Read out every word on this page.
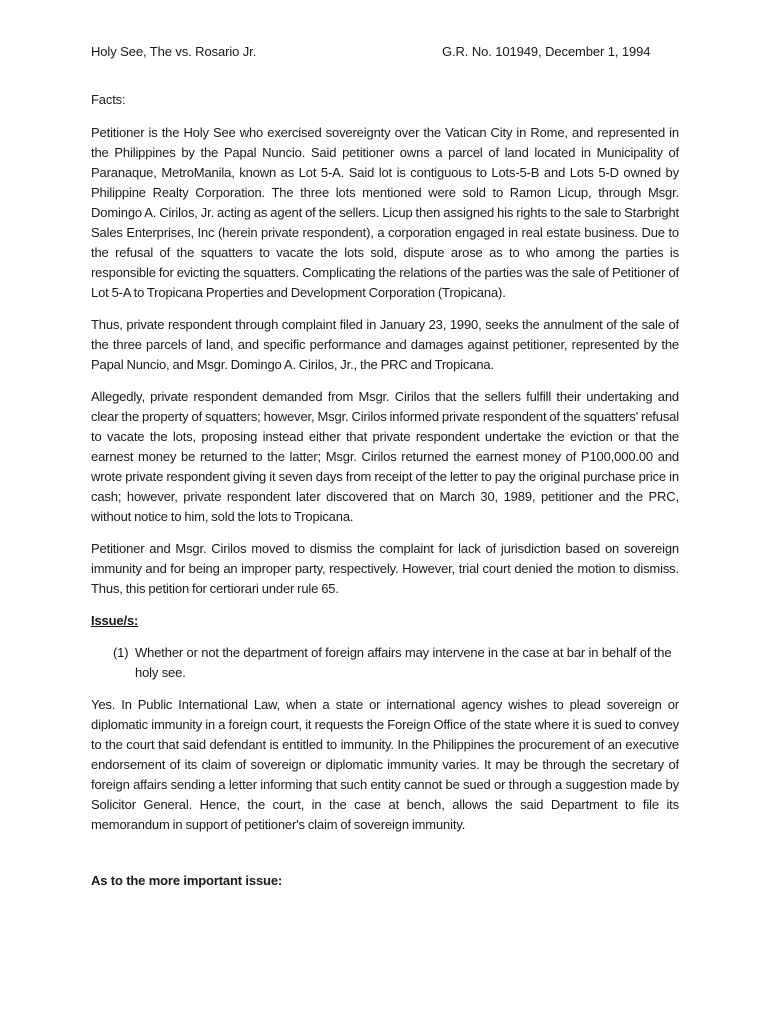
Holy See, The vs. Rosario Jr.	G.R. No. 101949, December 1, 1994
Facts:

Petitioner is the Holy See who exercised sovereignty over the Vatican City in Rome, and represented in the Philippines by the Papal Nuncio. Said petitioner owns a parcel of land located in Municipality of Paranaque, MetroManila, known as Lot 5-A. Said lot is contiguous to Lots-5-B and Lots 5-D owned by Philippine Realty Corporation. The three lots mentioned were sold to Ramon Licup, through Msgr. Domingo A. Cirilos, Jr. acting as agent of the sellers. Licup then assigned his rights to the sale to Starbright Sales Enterprises, Inc (herein private respondent), a corporation engaged in real estate business. Due to the refusal of the squatters to vacate the lots sold, dispute arose as to who among the parties is responsible for evicting the squatters. Complicating the relations of the parties was the sale of Petitioner of Lot 5-A to Tropicana Properties and Development Corporation (Tropicana).

Thus, private respondent through complaint filed in January 23, 1990, seeks the annulment of the sale of the three parcels of land, and specific performance and damages against petitioner, represented by the Papal Nuncio, and Msgr. Domingo A. Cirilos, Jr., the PRC and Tropicana.

Allegedly, private respondent demanded from Msgr. Cirilos that the sellers fulfill their undertaking and clear the property of squatters; however, Msgr. Cirilos informed private respondent of the squatters' refusal to vacate the lots, proposing instead either that private respondent undertake the eviction or that the earnest money be returned to the latter; Msgr. Cirilos returned the earnest money of P100,000.00 and wrote private respondent giving it seven days from receipt of the letter to pay the original purchase price in cash; however, private respondent later discovered that on March 30, 1989, petitioner and the PRC, without notice to him, sold the lots to Tropicana.

Petitioner and Msgr. Cirilos moved to dismiss the complaint for lack of jurisdiction based on sovereign immunity and for being an improper party, respectively. However, trial court denied the motion to dismiss. Thus, this petition for certiorari under rule 65.

Issue/s:
(1) Whether or not the department of foreign affairs may intervene in the case at bar in behalf of the holy see.

Yes. In Public International Law, when a state or international agency wishes to plead sovereign or diplomatic immunity in a foreign court, it requests the Foreign Office of the state where it is sued to convey to the court that said defendant is entitled to immunity. In the Philippines the procurement of an executive endorsement of its claim of sovereign or diplomatic immunity varies. It may be through the secretary of foreign affairs sending a letter informing that such entity cannot be sued or through a suggestion made by Solicitor General. Hence, the court, in the case at bench, allows the said Department to file its memorandum in support of petitioner's claim of sovereign immunity.

As to the more important issue:
